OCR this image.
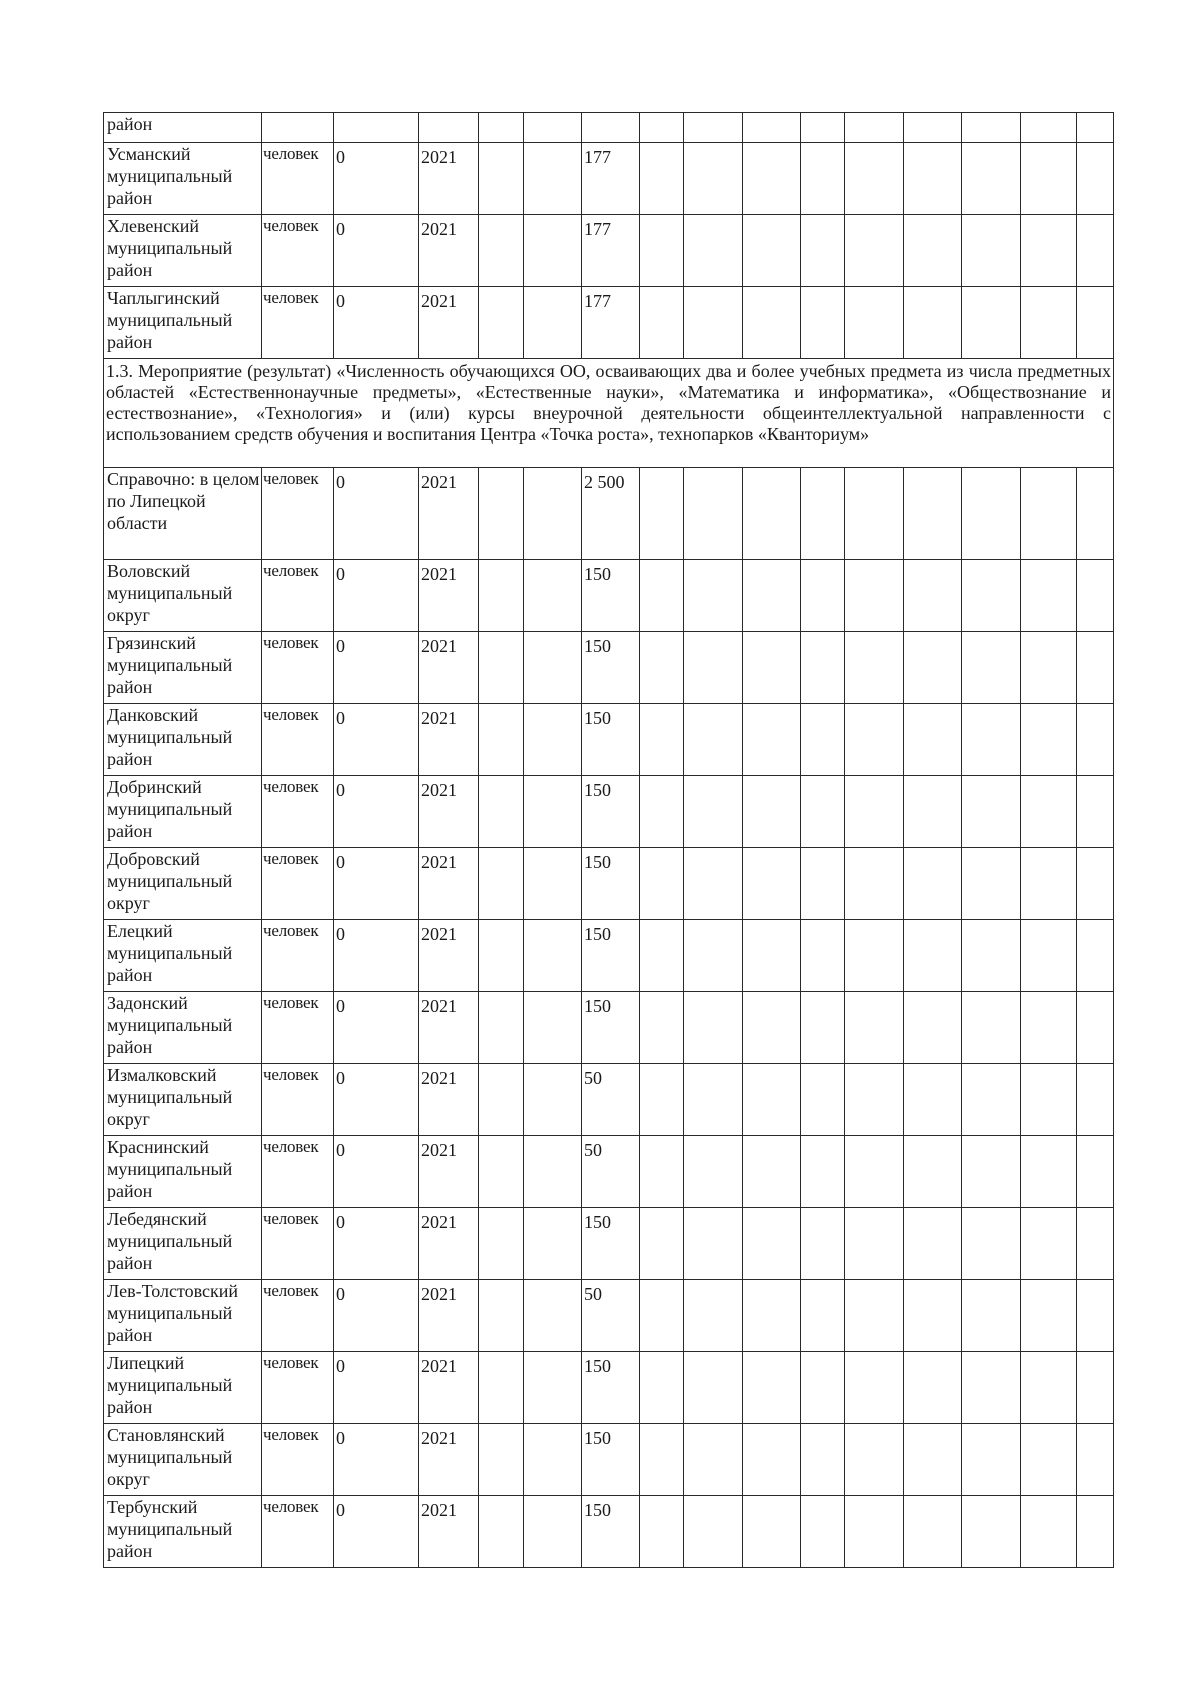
район															
Усманский муниципальный район	человек	0	2021			177									
Хлевенский муниципальный район	человек	0	2021			177									
Чаплыгинский муниципальный район	человек	0	2021			177									
1.3. Мероприятие (результат) «Численность обучающихся ОО, осваивающих два и более учебных предмета из числа предметных областей «Естественнонаучные предметы», «Естественные науки», «Математика и информатика», «Обществознание и естествознание», «Технология» и (или) курсы внеурочной деятельности общеинтеллектуальной направленности с использованием средств обучения и воспитания Центра «Точка роста», технопарков «Кванториум»															
Справочно: в целом по Липецкой области	человек	0	2021			2 500									
Воловский муниципальный округ	человек	0	2021			150									
Грязинский муниципальный район	человек	0	2021			150									
Данковский муниципальный район	человек	0	2021			150									
Добринский муниципальный район	человек	0	2021			150									
Добровский муниципальный округ	человек	0	2021			150									
Елецкий муниципальный район	человек	0	2021			150									
Задонский муниципальный район	человек	0	2021			150									
Измалковский муниципальный округ	человек	0	2021			50									
Краснинский муниципальный район	человек	0	2021			50									
Лебедянский муниципальный район	человек	0	2021			150									
Лев-Толстовский муниципальный район	человек	0	2021			50									
Липецкий муниципальный район	человек	0	2021			150									
Становлянский муниципальный округ	человек	0	2021			150									
Тербунский муниципальный район	человек	0	2021			150									
